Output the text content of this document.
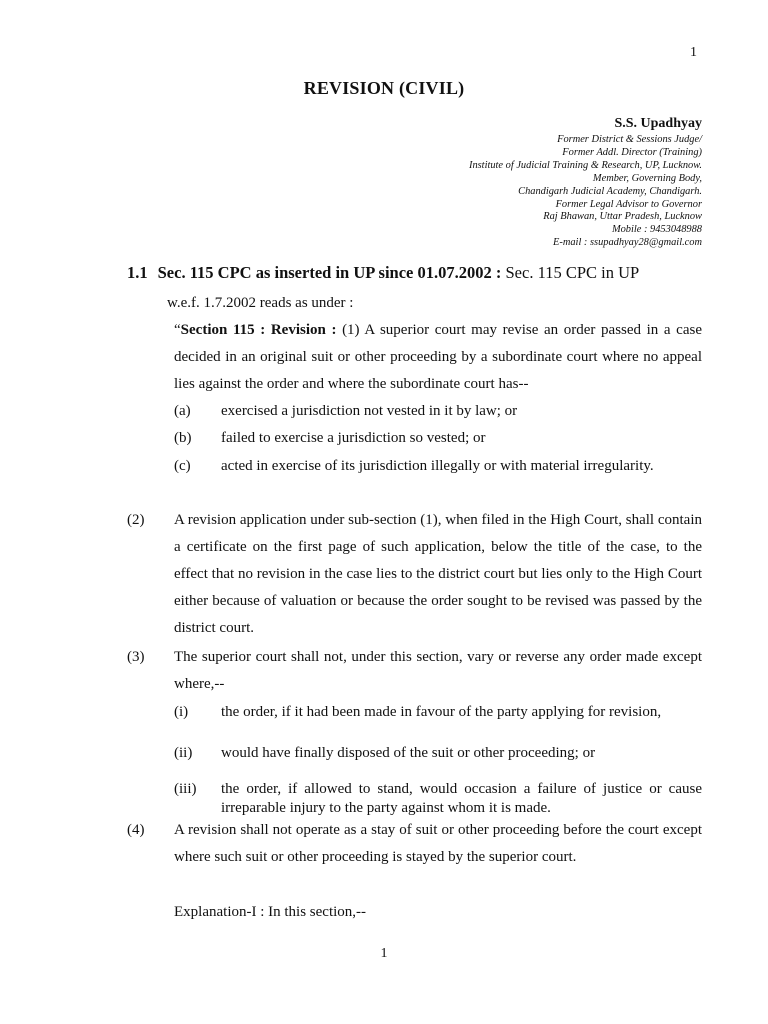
1
REVISION (CIVIL)
S.S. Upadhyay
Former District & Sessions Judge/
Former Addl. Director (Training)
Institute of Judicial Training & Research, UP, Lucknow.
Member, Governing Body,
Chandigarh Judicial Academy, Chandigarh.
Former Legal Advisor to Governor
Raj Bhawan, Uttar Pradesh, Lucknow
Mobile : 9453048988
E-mail : ssupadhyay28@gmail.com
1.1 Sec. 115 CPC as inserted in UP since 01.07.2002 : Sec. 115 CPC in UP
w.e.f. 1.7.2002 reads as under :
“Section 115 : Revision : (1) A superior court may revise an order passed in a case decided in an original suit or other proceeding by a subordinate court where no appeal lies against the order and where the subordinate court has--
(a) exercised a jurisdiction not vested in it by law; or
(b) failed to exercise a jurisdiction so vested; or
(c) acted in exercise of its jurisdiction illegally or with material irregularity.
(2) A revision application under sub-section (1), when filed in the High Court, shall contain a certificate on the first page of such application, below the title of the case, to the effect that no revision in the case lies to the district court but lies only to the High Court either because of valuation or because the order sought to be revised was passed by the district court.
(3) The superior court shall not, under this section, vary or reverse any order made except where,--
(i) the order, if it had been made in favour of the party applying for revision,
(ii) would have finally disposed of the suit or other proceeding; or
(iii) the order, if allowed to stand, would occasion a failure of justice or cause irreparable injury to the party against whom it is made.
(4) A revision shall not operate as a stay of suit or other proceeding before the court except where such suit or other proceeding is stayed by the superior court.
Explanation-I : In this section,--
1
